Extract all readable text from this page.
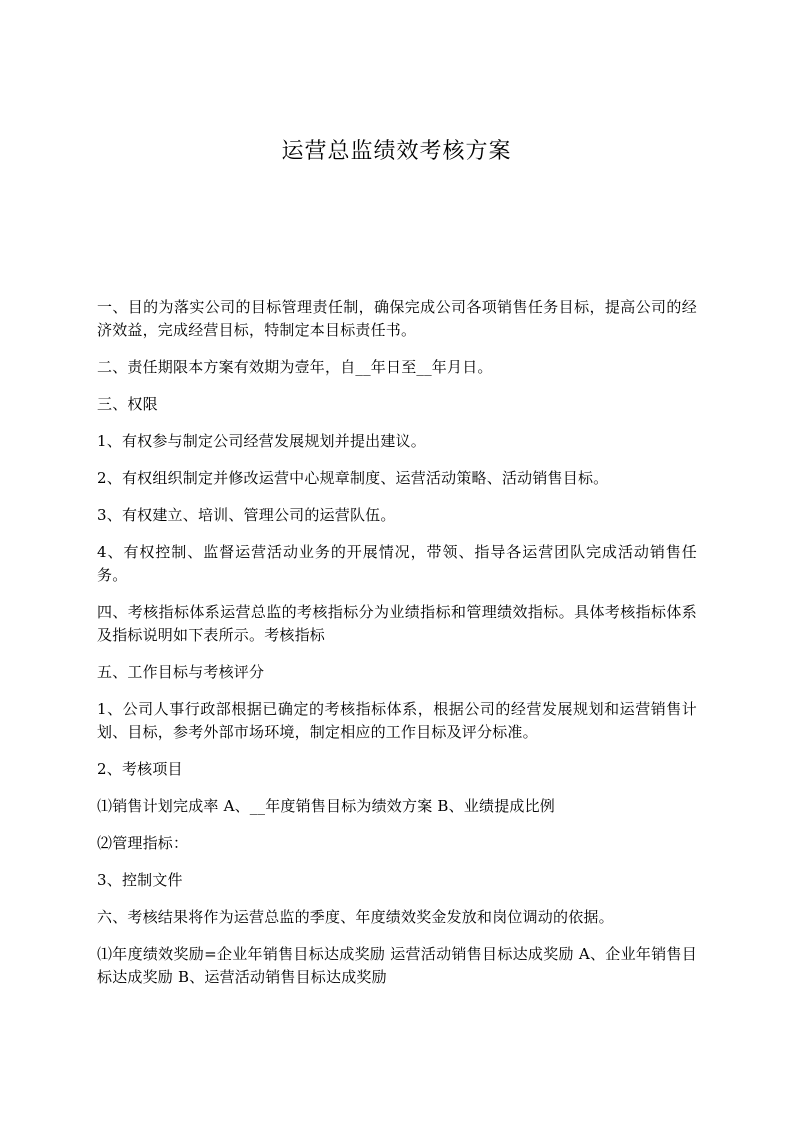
运营总监绩效考核方案

一、目的为落实公司的目标管理责任制，确保完成公司各项销售任务目标，提高公司的经济效益，完成经营目标，特制定本目标责任书。

二、责任期限本方案有效期为壹年，自__年日至__年月日。

三、权限

1、有权参与制定公司经营发展规划并提出建议。

2、有权组织制定并修改运营中心规章制度、运营活动策略、活动销售目标。

3、有权建立、培训、管理公司的运营队伍。

4、有权控制、监督运营活动业务的开展情况，带领、指导各运营团队完成活动销售任务。

四、考核指标体系运营总监的考核指标分为业绩指标和管理绩效指标。具体考核指标体系及指标说明如下表所示。考核指标

五、工作目标与考核评分

1、公司人事行政部根据已确定的考核指标体系，根据公司的经营发展规划和运营销售计划、目标，参考外部市场环境，制定相应的工作目标及评分标准。

2、考核项目

⑴销售计划完成率 A、__年度销售目标为绩效方案 B、业绩提成比例

⑵管理指标：

3、控制文件

六、考核结果将作为运营总监的季度、年度绩效奖金发放和岗位调动的依据。

⑴年度绩效奖励=企业年销售目标达成奖励 运营活动销售目标达成奖励 A、企业年销售目标达成奖励 B、运营活动销售目标达成奖励
